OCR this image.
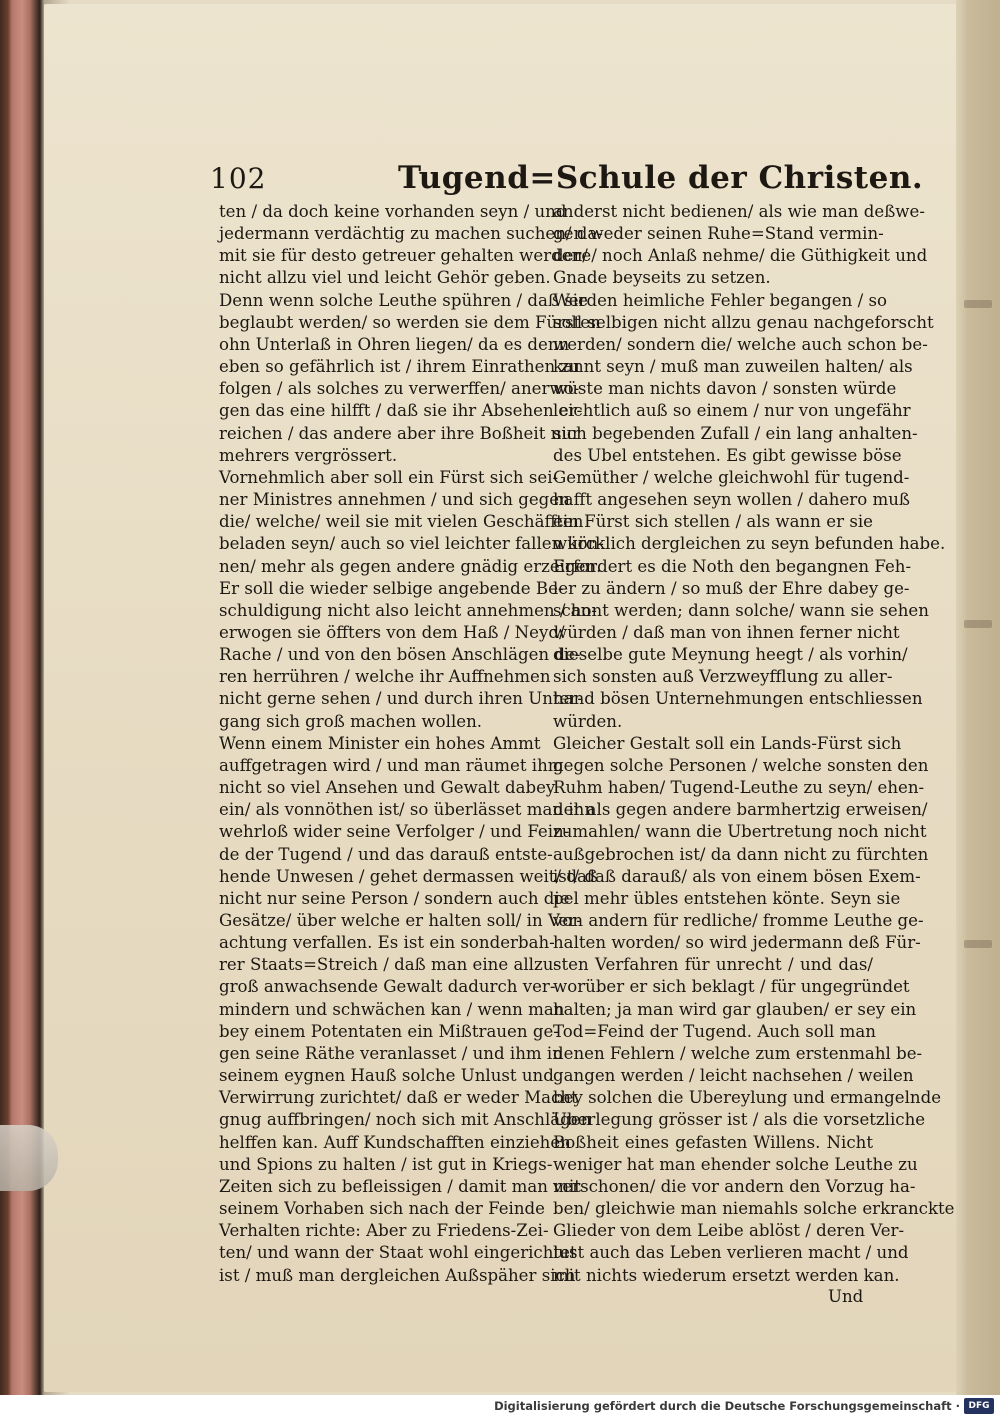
102	Tugend=Schule der Christen.
ten / da doch keine vorhanden seyn / und
jedermann verdächtig zu machen suchen/ da-
mit sie für desto getreuer gehalten werden/
nicht allzu viel und leicht Gehör geben.
Denn wenn solche Leuthe spühren / daß sie
beglaubt werden/ so werden sie dem Fürsten
ohn Unterlaß in Ohren liegen/ da es denn
eben so gefährlich ist / ihrem Einrathen zu
folgen / als solches zu verwerffen/ anerwo-
gen das eine hilfft / daß sie ihr Absehen er-
reichen / das andere aber ihre Boßheit nur
mehrers vergrössert.
Vornehmlich aber soll ein Fürst sich sei-
ner Ministres annehmen / und sich gegen
die/ welche/ weil sie mit vielen Geschäfften
beladen seyn/ auch so viel leichter fallen kön-
nen/ mehr als gegen andere gnädig erzeigen.
Er soll die wieder selbige angebende Be-
schuldigung nicht also leicht annehmen / an-
erwogen sie öffters von dem Haß / Neyd/
Rache / und von den bösen Anschlägen de-
ren herrühren / welche ihr Auffnehmen
nicht gerne sehen / und durch ihren Unter-
gang sich groß machen wollen.
Wenn einem Minister ein hohes Ammt
auffgetragen wird / und man räumet ihm
nicht so viel Ansehen und Gewalt dabey
ein/ als vonnöthen ist/ so überlässet man ihn
wehrloß wider seine Verfolger / und Fein-
de der Tugend / und das darauß entste-
hende Unwesen / gehet dermassen weit/ daß
nicht nur seine Person / sondern auch die
Gesätze/ über welche er halten soll/ in Ver-
achtung verfallen. Es ist ein sonderbah-
rer Staats=Streich / daß man eine allzu-
groß anwachsende Gewalt dadurch ver-
mindern und schwächen kan / wenn man
bey einem Potentaten ein Mißtrauen ge-
gen seine Räthe veranlasset / und ihm in
seinem eygnen Hauß solche Unlust und
Verwirrung zurichtet/ daß er weder Macht
gnug auffbringen/ noch sich mit Anschlägen
helffen kan. Auff Kundschafften einziehen
und Spions zu halten / ist gut in Kriegs-
Zeiten sich zu befleissigen / damit man mit
seinem Vorhaben sich nach der Feinde
Verhalten richte: Aber zu Friedens-Zei-
ten/ und wann der Staat wohl eingerichtet
ist / muß man dergleichen Außspäher sich
anderst nicht bedienen/ als wie man deßwe-
gen weder seinen Ruhe=Stand vermin-
dere/ noch Anlaß nehme/ die Güthigkeit und
Gnade beyseits zu setzen.
Werden heimliche Fehler begangen / so
soll selbigen nicht allzu genau nachgeforscht
werden/ sondern die/ welche auch schon be-
kannt seyn / muß man zuweilen halten/ als
wüste man nichts davon / sonsten würde
leichtlich auß so einem / nur von ungefähr
sich begebenden Zufall / ein lang anhalten-
des Ubel entstehen. Es gibt gewisse böse
Gemüther / welche gleichwohl für tugend-
hafft angesehen seyn wollen / dahero muß
ein Fürst sich stellen / als wann er sie
würcklich dergleichen zu seyn befunden habe.
Erfordert es die Noth den begangnen Feh-
ler zu ändern / so muß der Ehre dabey ge-
schont werden; dann solche/ wann sie sehen
würden / daß man von ihnen ferner nicht
dieselbe gute Meynung heegt / als vorhin/
sich sonsten auß Verzweyfflung zu aller-
hand bösen Unternehmungen entschliessen
würden.
Gleicher Gestalt soll ein Lands-Fürst sich
gegen solche Personen / welche sonsten den
Ruhm haben/ Tugend-Leuthe zu seyn/ ehen-
der als gegen andere barmhertzig erweisen/
zumahlen/ wann die Ubertretung noch nicht
außgebrochen ist/ da dann nicht zu fürchten
ist/ daß darauß/ als von einem bösen Exem-
pel mehr übles entstehen könte. Seyn sie
von andern für redliche/ fromme Leuthe ge-
halten worden/ so wird jedermann deß Für-
sten Verfahren für unrecht / und das/
worüber er sich beklagt / für ungegründet
halten; ja man wird gar glauben/ er sey ein
Tod=Feind der Tugend. Auch soll man
denen Fehlern / welche zum erstenmahl be-
gangen werden / leicht nachsehen / weilen
bey solchen die Ubereylung und ermangelnde
Uberlegung grösser ist / als die vorsetzliche
Boßheit eines gefasten Willens. Nicht
weniger hat man ehender solche Leuthe zu
verschonen/ die vor andern den Vorzug ha-
ben/ gleichwie man niemahls solche erkranckte
Glieder von dem Leibe ablöst / deren Ver-
lust auch das Leben verlieren macht / und
mit nichts wiederum ersetzt werden kan.
Und
Digitalisierung gefördert durch die Deutsche Forschungsgemeinschaft · DFG
